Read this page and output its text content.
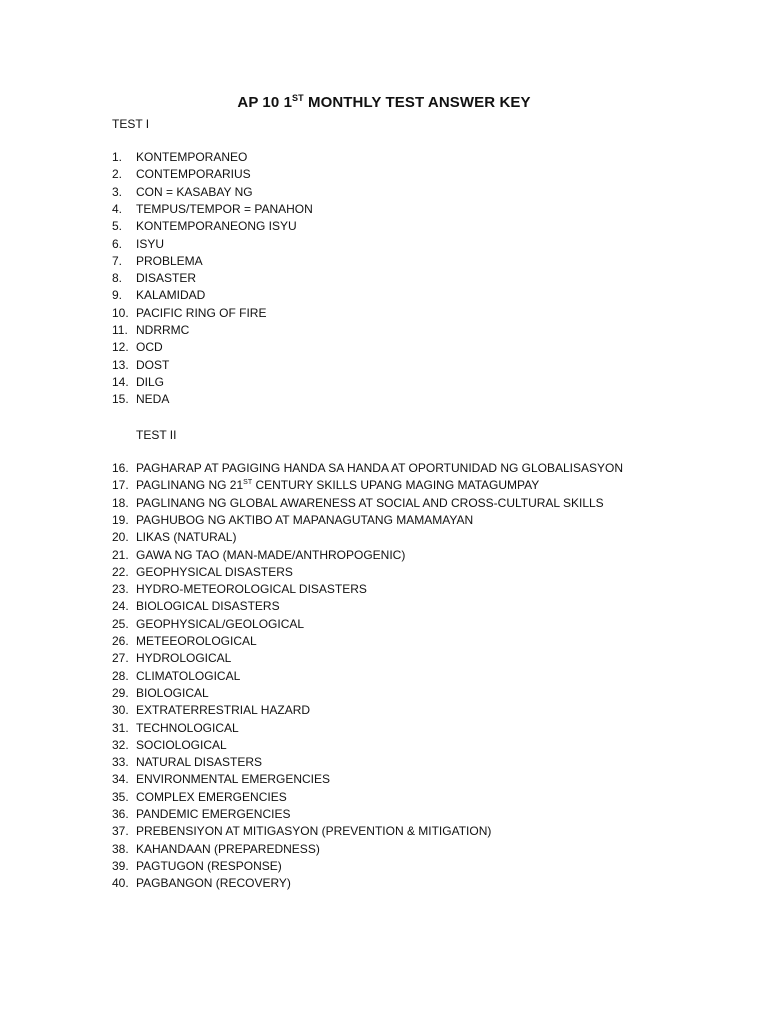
AP 10 1ST MONTHLY TEST ANSWER KEY
TEST I
1.	KONTEMPORANEO
2.	CONTEMPORARIUS
3.	CON = KASABAY NG
4.	TEMPUS/TEMPOR = PANAHON
5.	KONTEMPORANEONG ISYU
6.	ISYU
7.	PROBLEMA
8.	DISASTER
9.	KALAMIDAD
10. PACIFIC RING OF FIRE
11. NDRRMC
12. OCD
13. DOST
14. DILG
15. NEDA
TEST II
16. PAGHARAP AT PAGIGING HANDA SA HANDA AT OPORTUNIDAD NG GLOBALISASYON
17. PAGLINANG NG 21ST CENTURY SKILLS UPANG MAGING MATAGUMPAY
18. PAGLINANG NG GLOBAL AWARENESS AT SOCIAL AND CROSS-CULTURAL SKILLS
19. PAGHUBOG NG AKTIBO AT MAPANAGUTANG MAMAMAYAN
20. LIKAS (NATURAL)
21. GAWA NG TAO (MAN-MADE/ANTHROPOGENIC)
22. GEOPHYSICAL DISASTERS
23. HYDRO-METEOROLOGICAL DISASTERS
24. BIOLOGICAL DISASTERS
25. GEOPHYSICAL/GEOLOGICAL
26. METEEOROLOGICAL
27. HYDROLOGICAL
28. CLIMATOLOGICAL
29. BIOLOGICAL
30. EXTRATERRESTRIAL HAZARD
31. TECHNOLOGICAL
32. SOCIOLOGICAL
33. NATURAL DISASTERS
34. ENVIRONMENTAL EMERGENCIES
35. COMPLEX EMERGENCIES
36. PANDEMIC EMERGENCIES
37. PREBENSIYON AT MITIGASYON (PREVENTION & MITIGATION)
38. KAHANDAAN (PREPAREDNESS)
39. PAGTUGON (RESPONSE)
40. PAGBANGON (RECOVERY)
